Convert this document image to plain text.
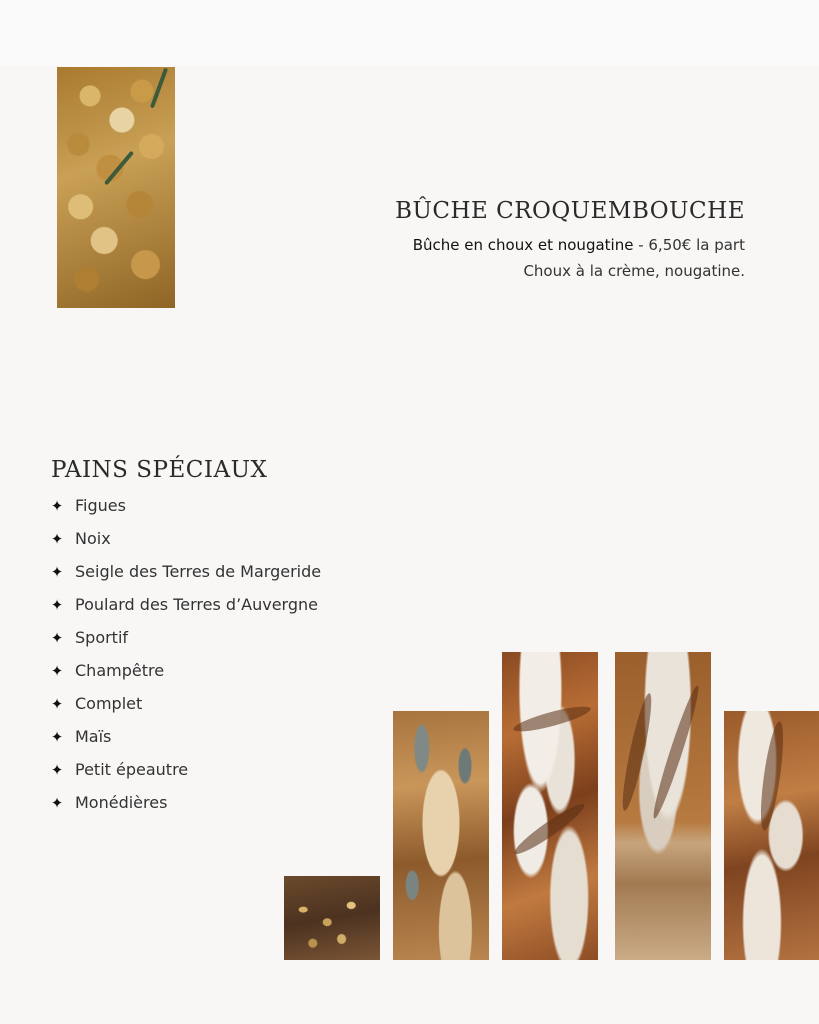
BÛCHE CROQUEMBOUCHE
Bûche en choux et nougatine - 6,50€ la part
Choux à la crème, nougatine.
PAINS SPÉCIAUX
✦ Figues
✦ Noix
✦ Seigle des Terres de Margeride
✦ Poulard des Terres d’Auvergne
✦ Sportif
✦ Champêtre
✦ Complet
✦ Maïs
✦ Petit épeautre
✦ Monédières
